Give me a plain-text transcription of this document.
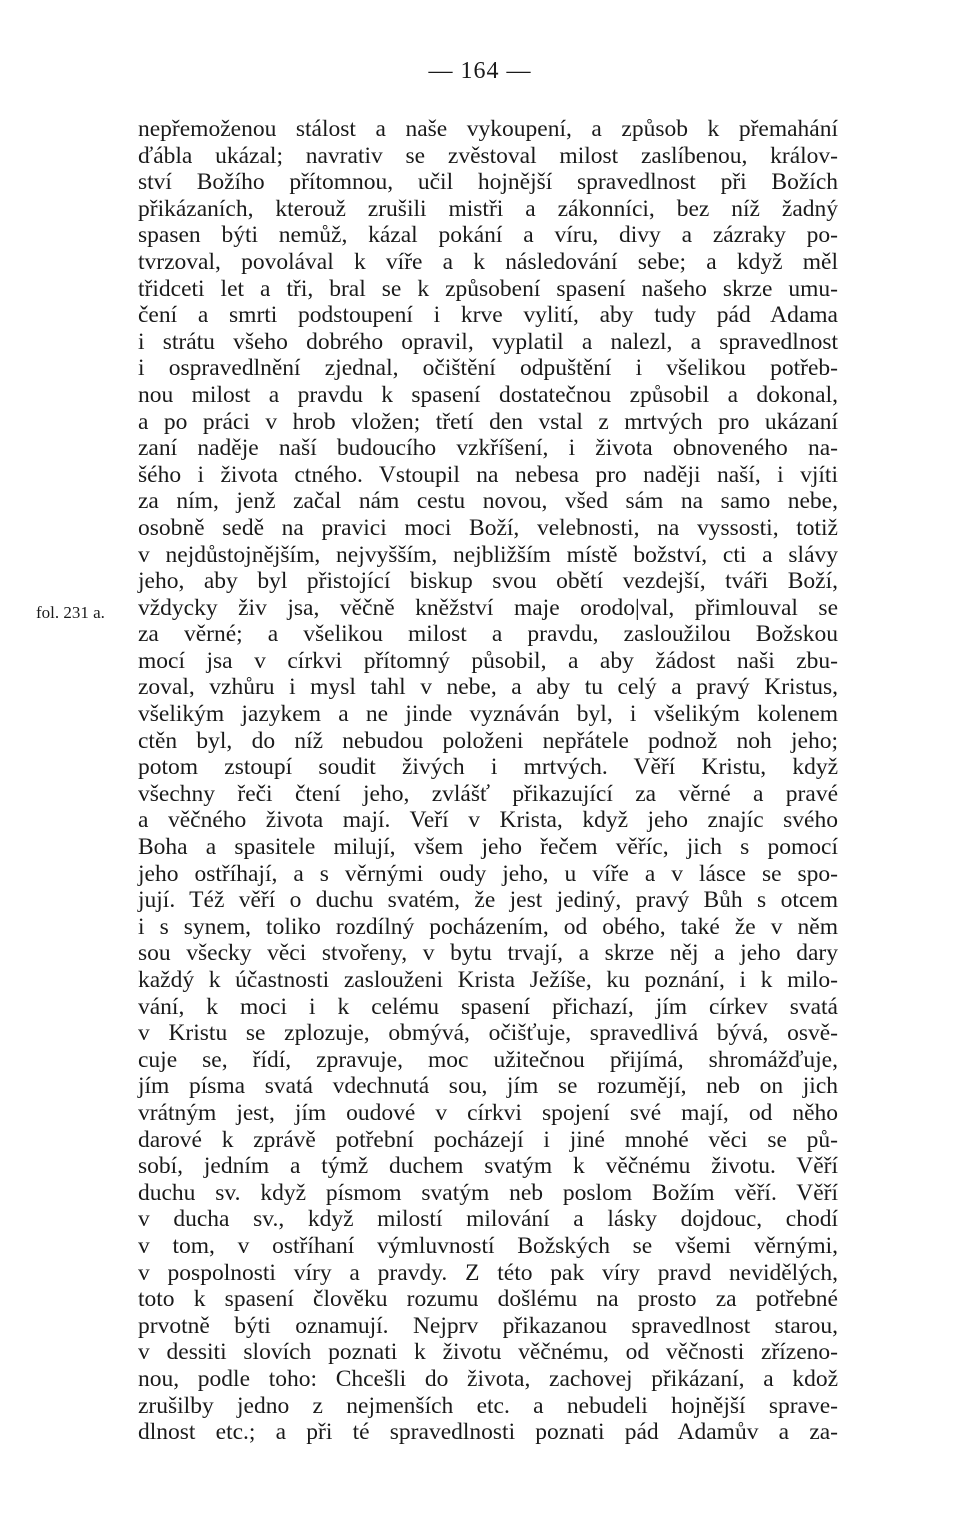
— 164 —
fol. 231 a.
nepřemoženou stálost a naše vykoupení, a způsob k přemahání
ďábla ukázal; navrativ se zvěstoval milost zaslíbenou, králov-
ství Božího přítomnou, učil hojnější spravedlnost při Božích
přikázaních, kterouž zrušili mistři a zákonníci, bez níž žadný
spasen býti nemůž, kázal pokání a víru, divy a zázraky po-
tvrzoval, povolával k víře a k následování sebe; a když měl
třidceti let a tři, bral se k způsobení spasení našeho skrze umu-
čení a smrti podstoupení i krve vylití, aby tudy pád Adama
i strátu všeho dobrého opravil, vyplatil a nalezl, a spravedlnost
i ospravedlnění zjednal, očištění odpuštění i všelikou potřeb-
nou milost a pravdu k spasení dostatečnou způsobil a dokonal,
a po práci v hrob vložen; třetí den vstal z mrtvých pro ukázaní
zaní naděje naší budoucího vzkříšení, i života obnoveného na-
šého i života ctného. Vstoupil na nebesa pro naději naší, i vjíti
za ním, jenž začal nám cestu novou, všed sám na samo nebe,
osobně sedě na pravici moci Boží, velebnosti, na vyssosti, totiž
v nejdůstojnějším, nejvyšším, nejbližším místě božství, cti a slávy
jeho, aby byl přistojící biskup svou obětí vezdejší, tváři Boží,
vždycky živ jsa, věčně kněžství maje orodo|val, přimlouval se
za věrné; a všelikou milost a pravdu, zasloužilou Božskou
mocí jsa v církvi přítomný působil, a aby žádost naši zbu-
zoval, vzhůru i mysl tahl v nebe, a aby tu celý a pravý Kristus,
všelikým jazykem a ne jinde vyznáván byl, i všelikým kolenem
ctěn byl, do níž nebudou položeni nepřátele podnož noh jeho;
potom zstoupí soudit živých i mrtvých. Věří Kristu, když
všechny řeči čtení jeho, zvlášť přikazující za věrné a pravé
a věčného života mají. Veří v Krista, když jeho znajíc svého
Boha a spasitele milují, všem jeho řečem věříc, jich s pomocí
jeho ostříhají, a s věrnými oudy jeho, u víře a v lásce se spo-
jují. Též věří o duchu svatém, že jest jediný, pravý Bůh s otcem
i s synem, toliko rozdílný pocházením, od obého, také že v něm
sou všecky věci stvořeny, v bytu trvají, a skrze něj a jeho dary
každý k účastnosti zaslouženi Krista Ježíše, ku poznání, i k milo-
vání, k moci i k celému spasení přichazí, jím církev svatá
v Kristu se zplozuje, obmývá, očišťuje, spravedlivá bývá, osvě-
cuje se, řídí, zpravuje, moc užitečnou přijímá, shromážďuje,
jím písma svatá vdechnutá sou, jím se rozumějí, neb on jich
vrátným jest, jím oudové v církvi spojení své mají, od něho
darové k zprávě potřební pocházejí i jiné mnohé věci se pů-
sobí, jedním a týmž duchem svatým k věčnému životu. Věří
duchu sv. když písmom svatým neb poslom Božím věří. Věří
v ducha sv., když milostí milování a lásky dojdouc, chodí
v tom, v ostříhaní výmluvností Božských se všemi věrnými,
v pospolnosti víry a pravdy. Z této pak víry pravd nevidělých,
toto k spasení člověku rozumu došlému na prosto za potřebné
prvotně býti oznamují. Nejprv přikazanou spravedlnost starou,
v dessiti slovích poznati k životu věčnému, od věčnosti zřízeno-
nou, podle toho: Chcešli do života, zachovej přikázaní, a kdož
zrušilby jedno z nejmenších etc. a nebudeli hojnější sprave-
dlnost etc.; a při té spravedlnosti poznati pád Adamův a za-
